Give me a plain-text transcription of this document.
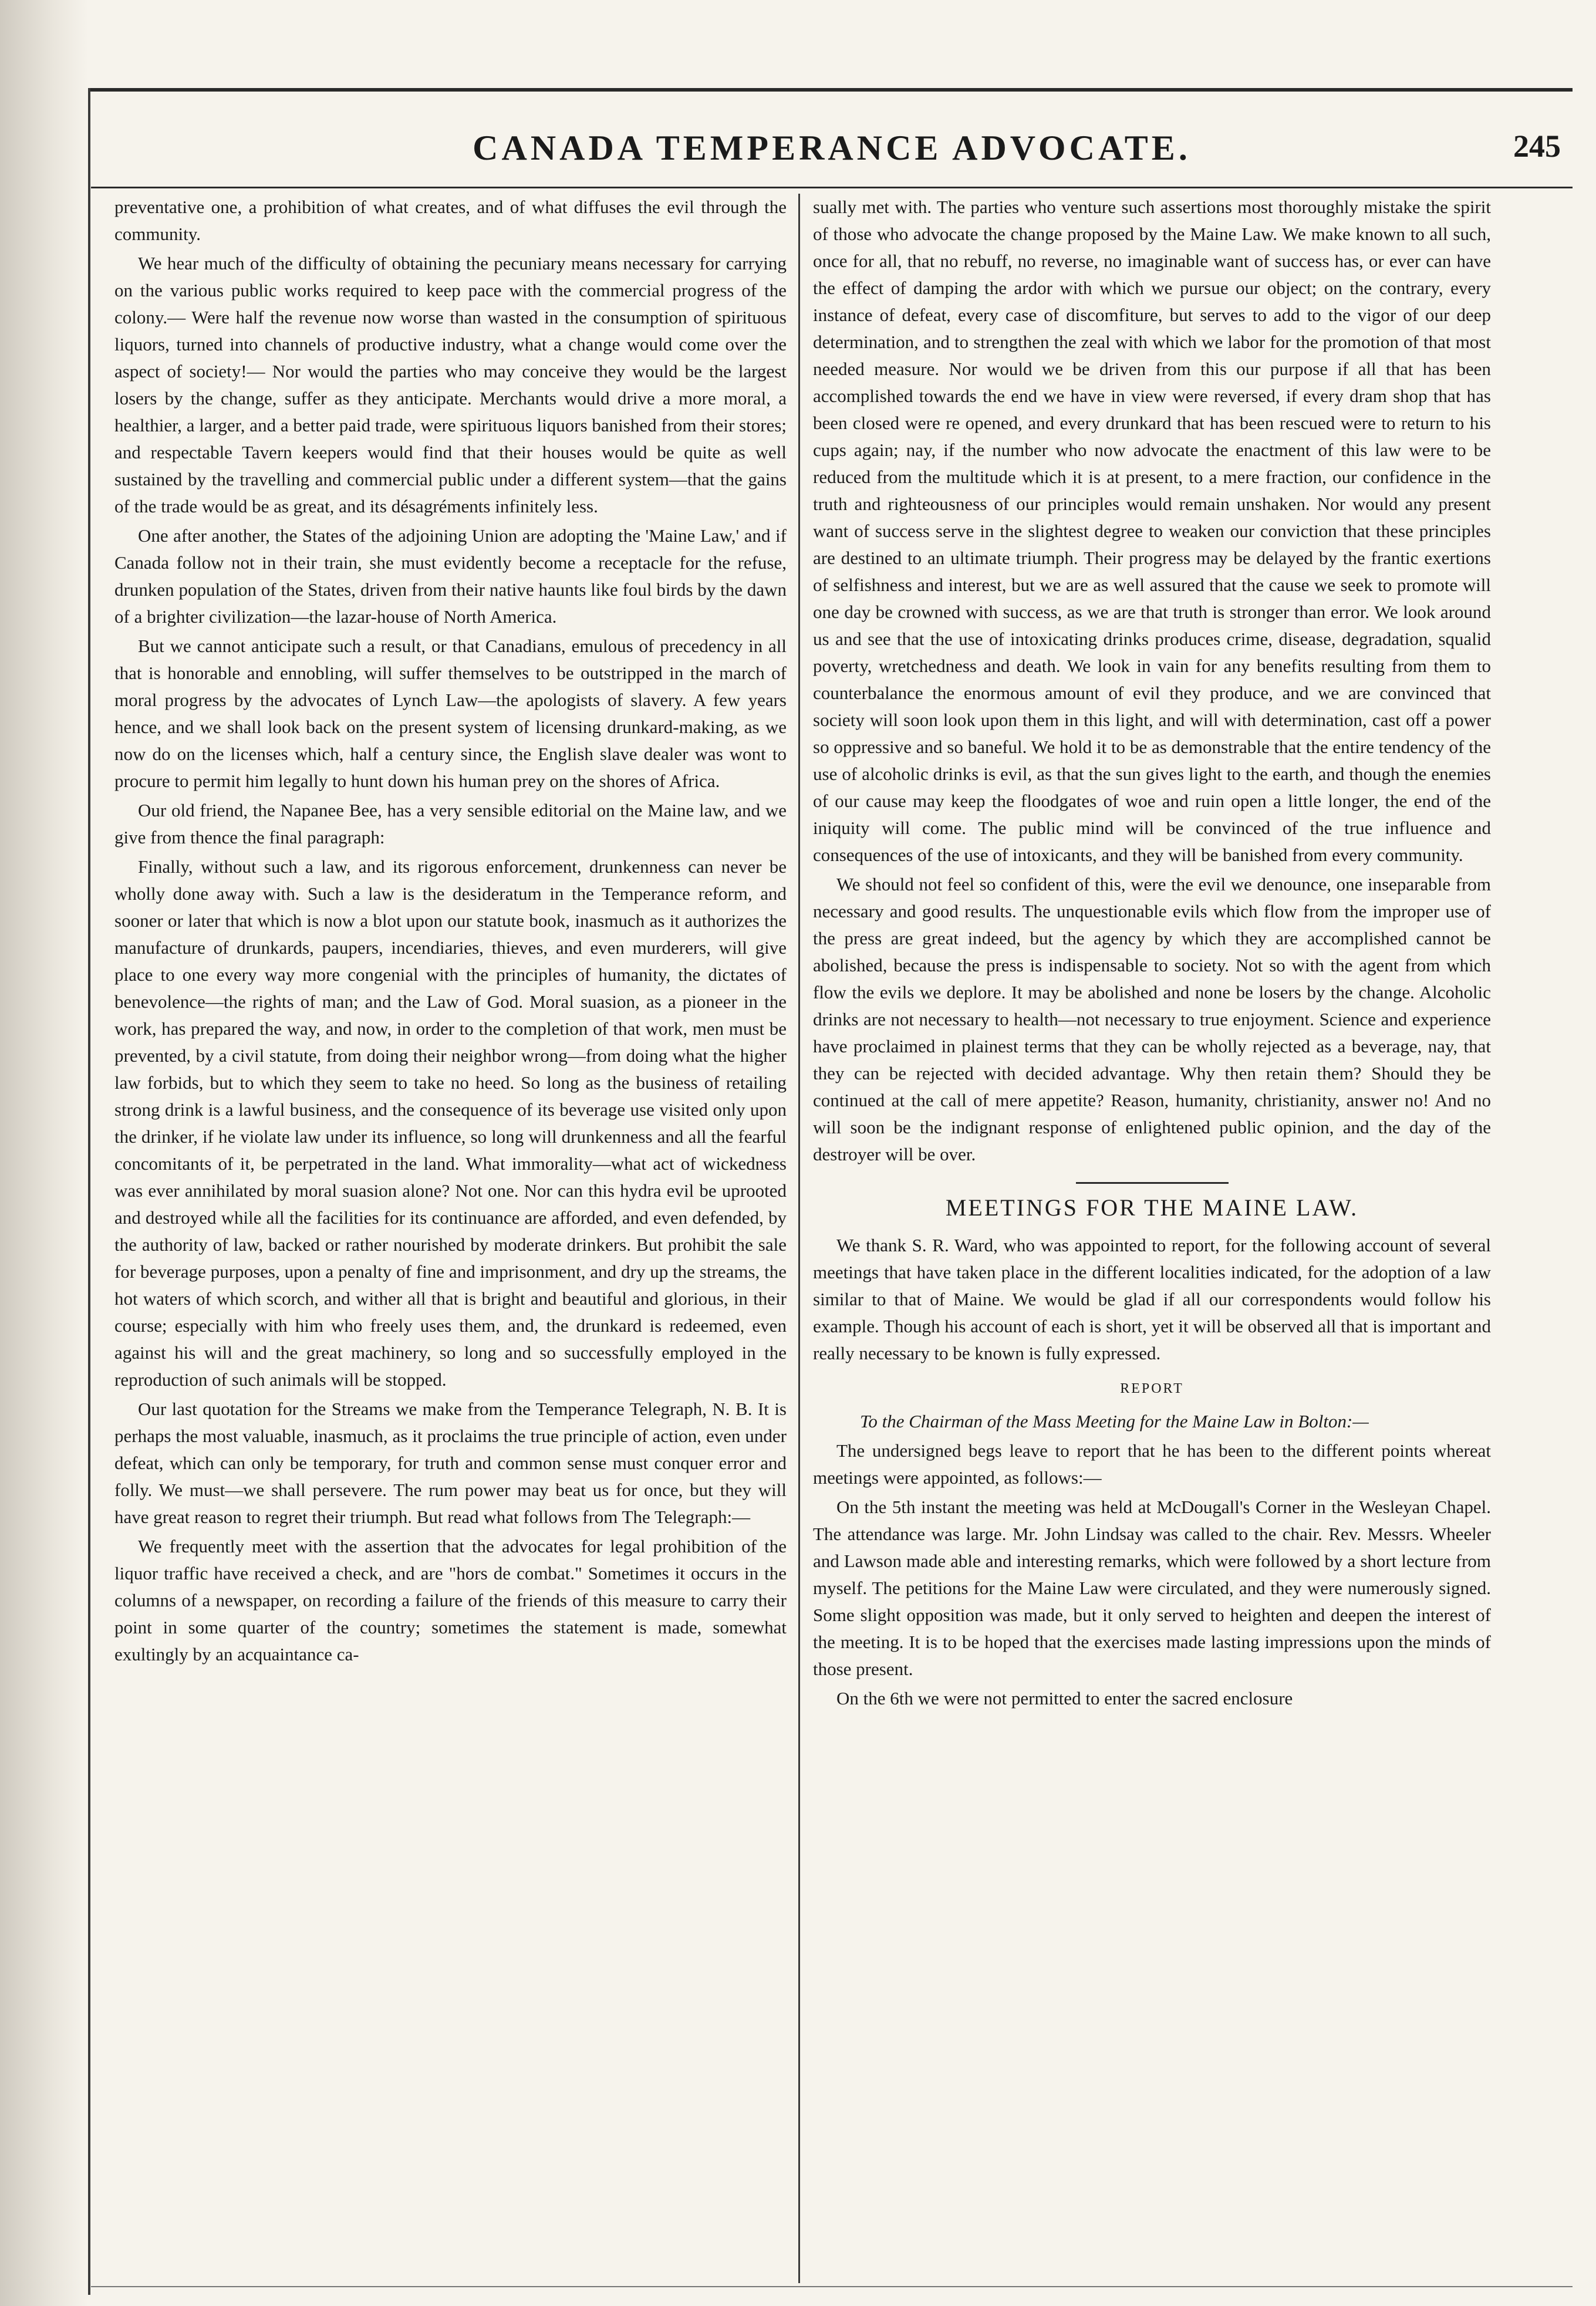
CANADA TEMPERANCE ADVOCATE.	245

preventative one, a prohibition of what creates, and of what diffuses the evil through the community.

We hear much of the difficulty of obtaining the pecuniary means necessary for carrying on the various public works required to keep pace with the commercial progress of the colony.— Were half the revenue now worse than wasted in the consumption of spirituous liquors, turned into channels of productive industry, what a change would come over the aspect of society!— Nor would the parties who may conceive they would be the largest losers by the change, suffer as they anticipate. Merchants would drive a more moral, a healthier, a larger, and a better paid trade, were spirituous liquors banished from their stores; and respectable Tavern keepers would find that their houses would be quite as well sustained by the travelling and commercial public under a different system—that the gains of the trade would be as great, and its désagréments infinitely less.

One after another, the States of the adjoining Union are adopting the 'Maine Law,' and if Canada follow not in their train, she must evidently become a receptacle for the refuse, drunken population of the States, driven from their native haunts like foul birds by the dawn of a brighter civilization—the lazar-house of North America.

But we cannot anticipate such a result, or that Canadians, emulous of precedency in all that is honorable and ennobling, will suffer themselves to be outstripped in the march of moral progress by the advocates of Lynch Law—the apologists of slavery. A few years hence, and we shall look back on the present system of licensing drunkard-making, as we now do on the licenses which, half a century since, the English slave dealer was wont to procure to permit him legally to hunt down his human prey on the shores of Africa.

Our old friend, the Napanee Bee, has a very sensible editorial on the Maine law, and we give from thence the final paragraph:

Finally, without such a law, and its rigorous enforcement, drunkenness can never be wholly done away with. Such a law is the desideratum in the Temperance reform, and sooner or later that which is now a blot upon our statute book, inasmuch as it authorizes the manufacture of drunkards, paupers, incendiaries, thieves, and even murderers, will give place to one every way more congenial with the principles of humanity, the dictates of benevolence—the rights of man; and the Law of God. Moral suasion, as a pioneer in the work, has prepared the way, and now, in order to the completion of that work, men must be prevented, by a civil statute, from doing their neighbor wrong—from doing what the higher law forbids, but to which they seem to take no heed. So long as the business of retailing strong drink is a lawful business, and the consequence of its beverage use visited only upon the drinker, if he violate law under its influence, so long will drunkenness and all the fearful concomitants of it, be perpetrated in the land. What immorality—what act of wickedness was ever annihilated by moral suasion alone? Not one. Nor can this hydra evil be uprooted and destroyed while all the facilities for its continuance are afforded, and even defended, by the authority of law, backed or rather nourished by moderate drinkers. But prohibit the sale for beverage purposes, upon a penalty of fine and imprisonment, and dry up the streams, the hot waters of which scorch, and wither all that is bright and beautiful and glorious, in their course; especially with him who freely uses them, and, the drunkard is redeemed, even against his will and the great machinery, so long and so successfully employed in the reproduction of such animals will be stopped.

Our last quotation for the Streams we make from the Temperance Telegraph, N. B. It is perhaps the most valuable, inasmuch, as it proclaims the true principle of action, even under defeat, which can only be temporary, for truth and common sense must conquer error and folly. We must—we shall persevere. The rum power may beat us for once, but they will have great reason to regret their triumph. But read what follows from The Telegraph:—

We frequently meet with the assertion that the advocates for legal prohibition of the liquor traffic have received a check, and are "hors de combat." Sometimes it occurs in the columns of a newspaper, on recording a failure of the friends of this measure to carry their point in some quarter of the country; sometimes the statement is made, somewhat exultingly by an acquaintance ca-

sually met with. The parties who venture such assertions most thoroughly mistake the spirit of those who advocate the change proposed by the Maine Law. We make known to all such, once for all, that no rebuff, no reverse, no imaginable want of success has, or ever can have the effect of damping the ardor with which we pursue our object; on the contrary, every instance of defeat, every case of discomfiture, but serves to add to the vigor of our deep determination, and to strengthen the zeal with which we labor for the promotion of that most needed measure. Nor would we be driven from this our purpose if all that has been accomplished towards the end we have in view were reversed, if every dram shop that has been closed were re opened, and every drunkard that has been rescued were to return to his cups again; nay, if the number who now advocate the enactment of this law were to be reduced from the multitude which it is at present, to a mere fraction, our confidence in the truth and righteousness of our principles would remain unshaken. Nor would any present want of success serve in the slightest degree to weaken our conviction that these principles are destined to an ultimate triumph. Their progress may be delayed by the frantic exertions of selfishness and interest, but we are as well assured that the cause we seek to promote will one day be crowned with success, as we are that truth is stronger than error. We look around us and see that the use of intoxicating drinks produces crime, disease, degradation, squalid poverty, wretchedness and death. We look in vain for any benefits resulting from them to counterbalance the enormous amount of evil they produce, and we are convinced that society will soon look upon them in this light, and will with determination, cast off a power so oppressive and so baneful. We hold it to be as demonstrable that the entire tendency of the use of alcoholic drinks is evil, as that the sun gives light to the earth, and though the enemies of our cause may keep the floodgates of woe and ruin open a little longer, the end of the iniquity will come. The public mind will be convinced of the true influence and consequences of the use of intoxicants, and they will be banished from every community.

We should not feel so confident of this, were the evil we denounce, one inseparable from necessary and good results. The unquestionable evils which flow from the improper use of the press are great indeed, but the agency by which they are accomplished cannot be abolished, because the press is indispensable to society. Not so with the agent from which flow the evils we deplore. It may be abolished and none be losers by the change. Alcoholic drinks are not necessary to health—not necessary to true enjoyment. Science and experience have proclaimed in plainest terms that they can be wholly rejected as a beverage, nay, that they can be rejected with decided advantage. Why then retain them? Should they be continued at the call of mere appetite? Reason, humanity, christianity, answer no! And no will soon be the indignant response of enlightened public opinion, and the day of the destroyer will be over.

MEETINGS FOR THE MAINE LAW.

We thank S. R. Ward, who was appointed to report, for the following account of several meetings that have taken place in the different localities indicated, for the adoption of a law similar to that of Maine. We would be glad if all our correspondents would follow his example. Though his account of each is short, yet it will be observed all that is important and really necessary to be known is fully expressed.

REPORT

To the Chairman of the Mass Meeting for the Maine Law in Bolton:—

The undersigned begs leave to report that he has been to the different points whereat meetings were appointed, as follows:—

On the 5th instant the meeting was held at McDougall's Corner in the Wesleyan Chapel. The attendance was large. Mr. John Lindsay was called to the chair. Rev. Messrs. Wheeler and Lawson made able and interesting remarks, which were followed by a short lecture from myself. The petitions for the Maine Law were circulated, and they were numerously signed. Some slight opposition was made, but it only served to heighten and deepen the interest of the meeting. It is to be hoped that the exercises made lasting impressions upon the minds of those present.

On the 6th we were not permitted to enter the sacred enclosure
